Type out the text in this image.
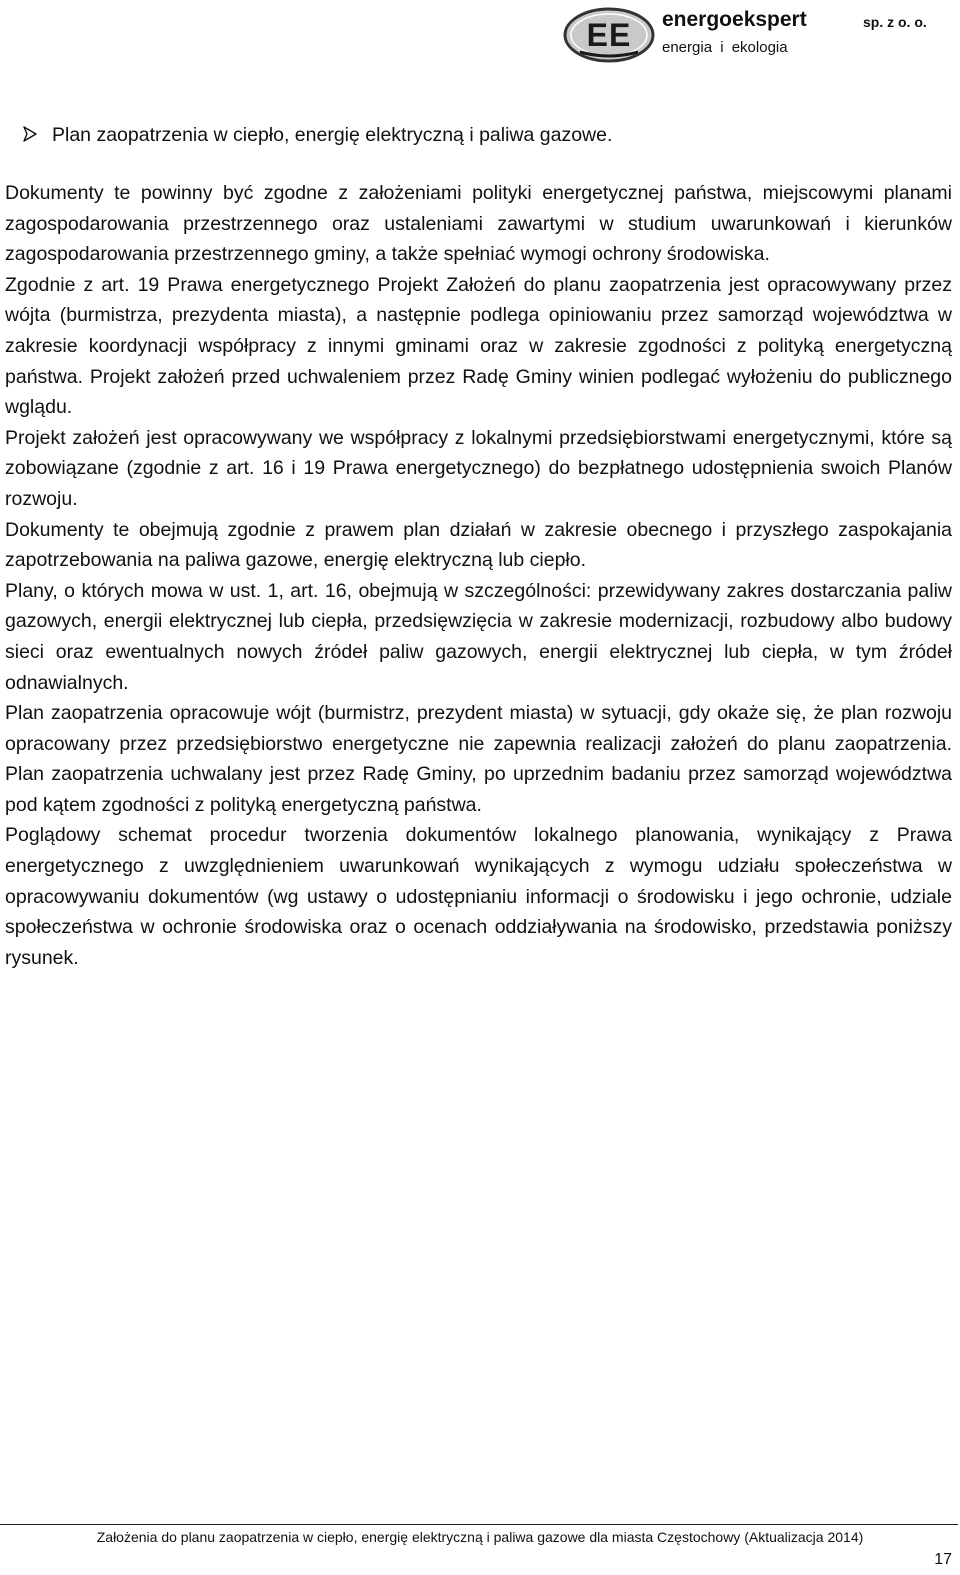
EE energoekspert	sp. z o. o.
energia i ekologia
Plan zaopatrzenia w ciepło, energię elektryczną i paliwa gazowe.

Dokumenty te powinny być zgodne z założeniami polityki energetycznej państwa, miejscowymi planami zagospodarowania przestrzennego oraz ustaleniami zawartymi w studium uwarunkowań i kierunków zagospodarowania przestrzennego gminy, a także spełniać wymogi ochrony środowiska.

Zgodnie z art. 19 Prawa energetycznego Projekt Założeń do planu zaopatrzenia jest opracowywany przez wójta (burmistrza, prezydenta miasta), a następnie podlega opiniowaniu przez samorząd województwa w zakresie koordynacji współpracy z innymi gminami oraz w zakresie zgodności z polityką energetyczną państwa. Projekt założeń przed uchwaleniem przez Radę Gminy winien podlegać wyłożeniu do publicznego wglądu.

Projekt założeń jest opracowywany we współpracy z lokalnymi przedsiębiorstwami energetycznymi, które są zobowiązane (zgodnie z art. 16 i 19 Prawa energetycznego) do bezpłatnego udostępnienia swoich Planów rozwoju.

Dokumenty te obejmują zgodnie z prawem plan działań w zakresie obecnego i przyszłego zaspokajania zapotrzebowania na paliwa gazowe, energię elektryczną lub ciepło.

Plany, o których mowa w ust. 1, art. 16, obejmują w szczególności: przewidywany zakres dostarczania paliw gazowych, energii elektrycznej lub ciepła, przedsięwzięcia w zakresie modernizacji, rozbudowy albo budowy sieci oraz ewentualnych nowych źródeł paliw gazowych, energii elektrycznej lub ciepła, w tym źródeł odnawialnych.

Plan zaopatrzenia opracowuje wójt (burmistrz, prezydent miasta) w sytuacji, gdy okaże się, że plan rozwoju opracowany przez przedsiębiorstwo energetyczne nie zapewnia realizacji założeń do planu zaopatrzenia. Plan zaopatrzenia uchwalany jest przez Radę Gminy, po uprzednim badaniu przez samorząd województwa pod kątem zgodności z polityką energetyczną państwa.

Poglądowy schemat procedur tworzenia dokumentów lokalnego planowania, wynikający z Prawa energetycznego z uwzględnieniem uwarunkowań wynikających z wymogu udziału społeczeństwa w opracowywaniu dokumentów (wg ustawy o udostępnianiu informacji o środowisku i jego ochronie, udziale społeczeństwa w ochronie środowiska oraz o ocenach oddziaływania na środowisko, przedstawia poniższy rysunek.

Założenia do planu zaopatrzenia w ciepło, energię elektryczną i paliwa gazowe dla miasta Częstochowy (Aktualizacja 2014)
17
